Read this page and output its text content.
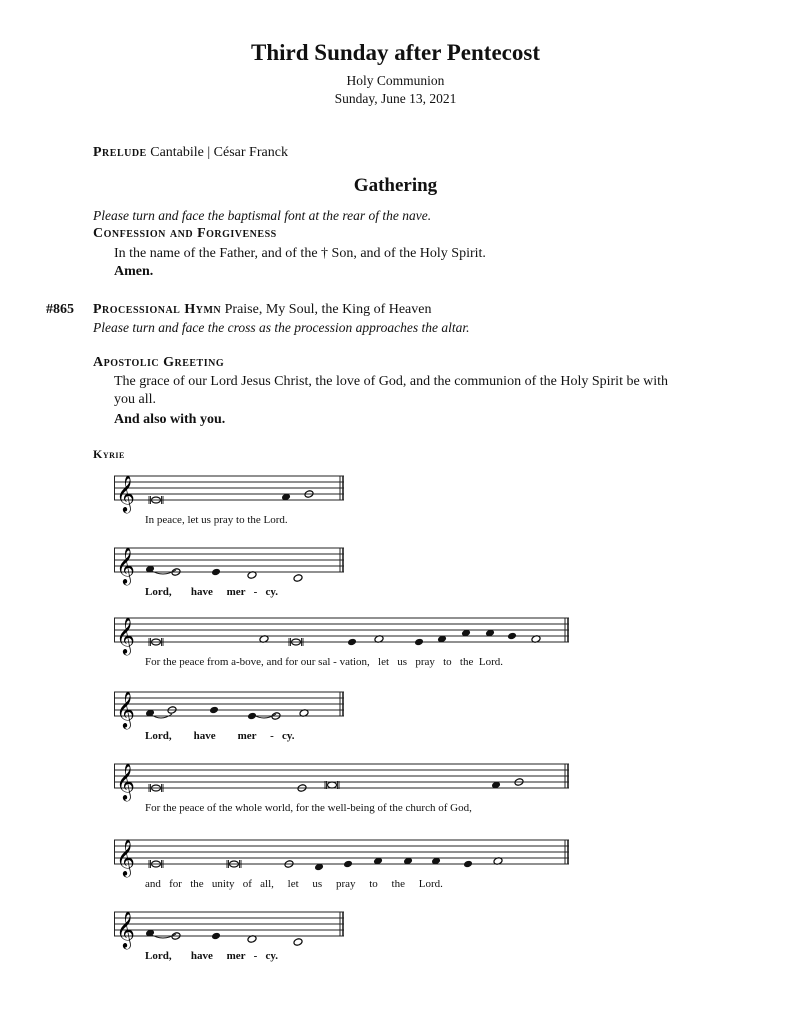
Third Sunday after Pentecost
Holy Communion
Sunday, June 13, 2021
Prelude Cantabile | César Franck
Gathering
Please turn and face the baptismal font at the rear of the nave.
Confession and Forgiveness
In the name of the Father, and of the † Son, and of the Holy Spirit.
Amen.
#865 Processional Hymn Praise, My Soul, the King of Heaven
Please turn and face the cross as the procession approaches the altar.
Apostolic Greeting
The grace of our Lord Jesus Christ, the love of God, and the communion of the Holy Spirit be with
you all.
And also with you.
Kyrie
𝄞
In peace, let us pray to the Lord.
𝄞
Lord,       have     mer   -   cy.
𝄞
For the peace from a-bove, and for our sal - vation,   let   us   pray   to   the  Lord.
𝄞
Lord,        have        mer     -   cy.
𝄞
For the peace of the whole world, for the well-being of the church of God,
𝄞
and   for   the   unity   of   all,     let     us     pray     to     the     Lord.
𝄞
Lord,       have     mer   -   cy.
